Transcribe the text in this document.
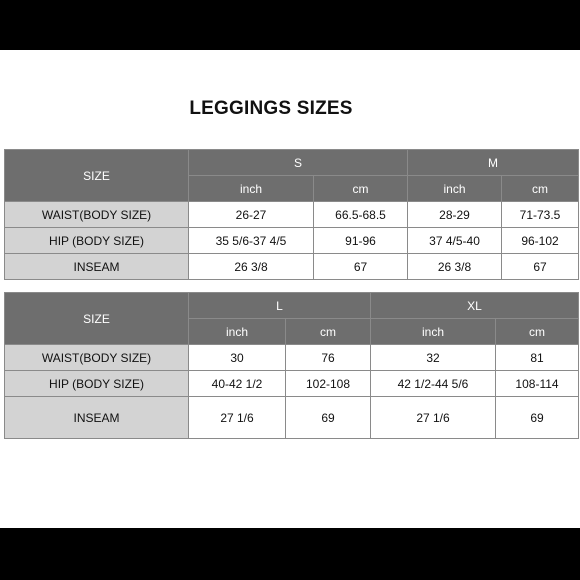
LEGGINGS SIZES
SIZE	S		M	
	inch	cm	inch	cm
WAIST(BODY SIZE)	26-27	66.5-68.5	28-29	71-73.5
HIP (BODY SIZE)	35 5/6-37 4/5	91-96	37 4/5-40	96-102
INSEAM	26 3/8	67	26 3/8	67
SIZE	L		XL	
	inch	cm	inch	cm
WAIST(BODY SIZE)	30	76	32	81
HIP (BODY SIZE)	40-42 1/2	102-108	42 1/2-44 5/6	108-114
INSEAM	27 1/6	69	27 1/6	69
